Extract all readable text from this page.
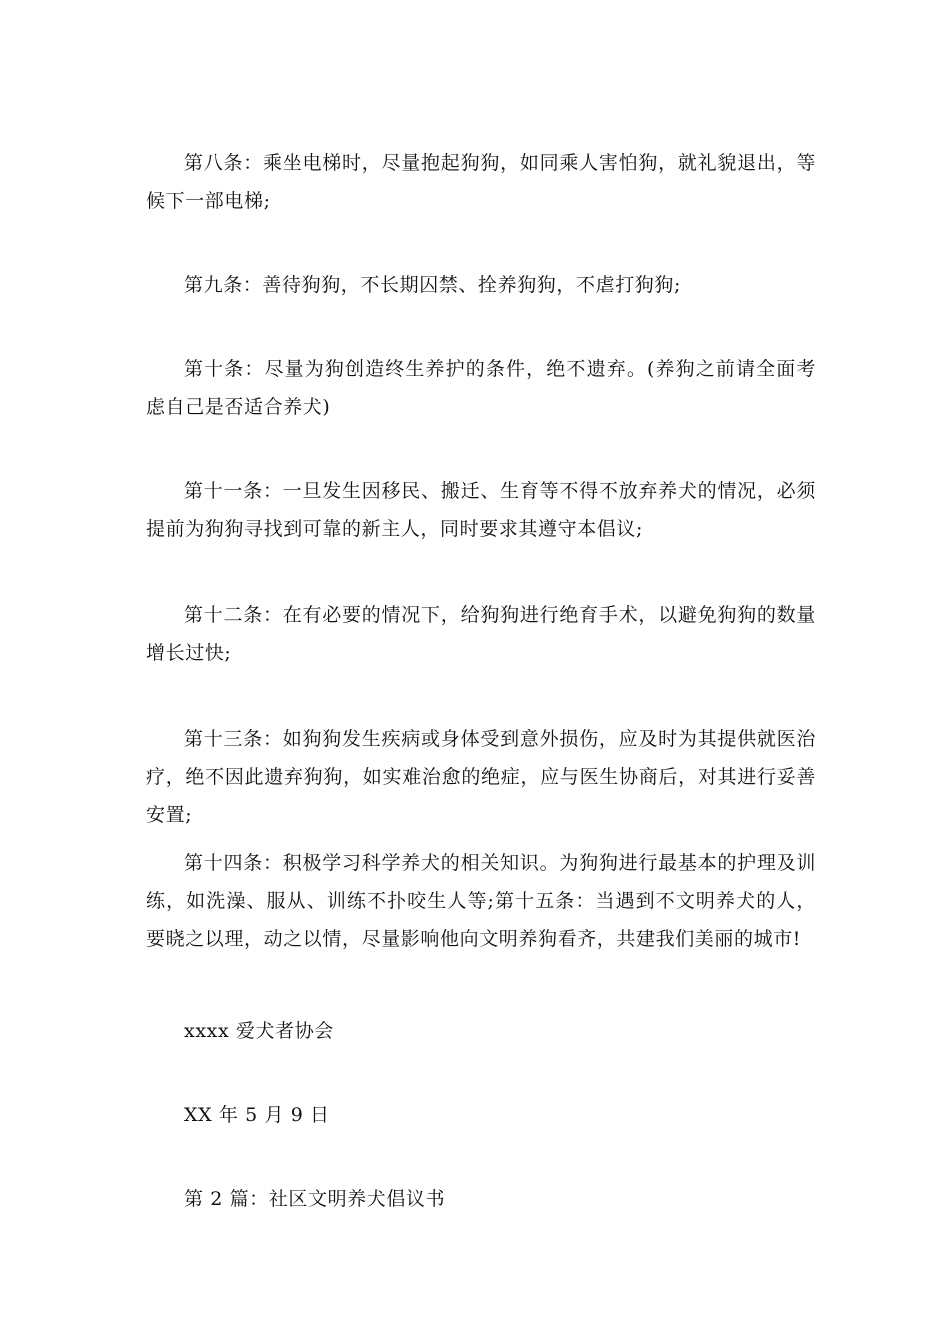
第八条：乘坐电梯时，尽量抱起狗狗，如同乘人害怕狗，就礼貌退出，等候下一部电梯;

第九条：善待狗狗，不长期囚禁、拴养狗狗，不虐打狗狗;

第十条：尽量为狗创造终生养护的条件，绝不遗弃。(养狗之前请全面考虑自己是否适合养犬)

第十一条：一旦发生因移民、搬迁、生育等不得不放弃养犬的情况，必须提前为狗狗寻找到可靠的新主人，同时要求其遵守本倡议;

第十二条：在有必要的情况下，给狗狗进行绝育手术，以避免狗狗的数量增长过快;

第十三条：如狗狗发生疾病或身体受到意外损伤，应及时为其提供就医治疗，绝不因此遗弃狗狗，如实难治愈的绝症，应与医生协商后，对其进行妥善安置;

第十四条：积极学习科学养犬的相关知识。为狗狗进行最基本的护理及训练，如洗澡、服从、训练不扑咬生人等;第十五条：当遇到不文明养犬的人，要晓之以理，动之以情，尽量影响他向文明养狗看齐，共建我们美丽的城市!

xxxx 爱犬者协会

XX 年 5 月 9 日

第 2 篇：社区文明养犬倡议书
